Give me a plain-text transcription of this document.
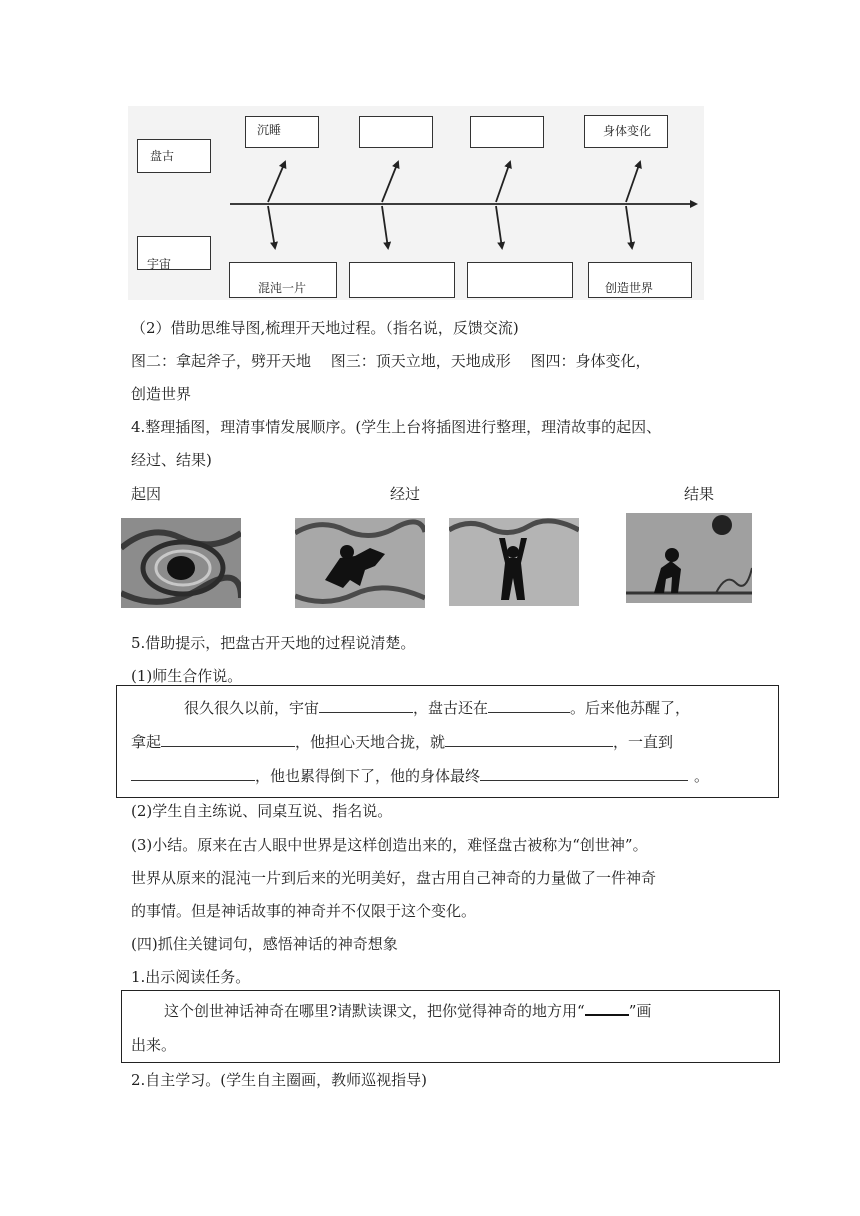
盘古
宇宙
沉睡	身体变化
混沌一片	创造世界
（2）借助思维导图,梳理开天地过程。（指名说，反馈交流)
图二：拿起斧子，劈开天地　 图三：顶天立地，天地成形　 图四：身体变化，
创造世界
4.整理插图，理清事情发展顺序。(学生上台将插图进行整理，理清故事的起因、
经过、结果)
起因	经过	结果
5.借助提示，把盘古开天地的过程说清楚。
(1)师生合作说。
很久很久以前，宇宙	，盘古还在	。后来他苏醒了，
拿起	，他担心天地合拢，就	，一直到
，他也累得倒下了，他的身体最终	。
(2)学生自主练说、同桌互说、指名说。
(3)小结。原来在古人眼中世界是这样创造出来的，难怪盘古被称为“创世神”。
世界从原来的混沌一片到后来的光明美好，盘古用自己神奇的力量做了一件神奇
的事情。但是神话故事的神奇并不仅限于这个变化。
(四)抓住关键词句，感悟神话的神奇想象
1.出示阅读任务。
这个创世神话神奇在哪里?请默读课文，把你觉得神奇的地方用“	”画
出来。
2.自主学习。(学生自主圈画，教师巡视指导)
